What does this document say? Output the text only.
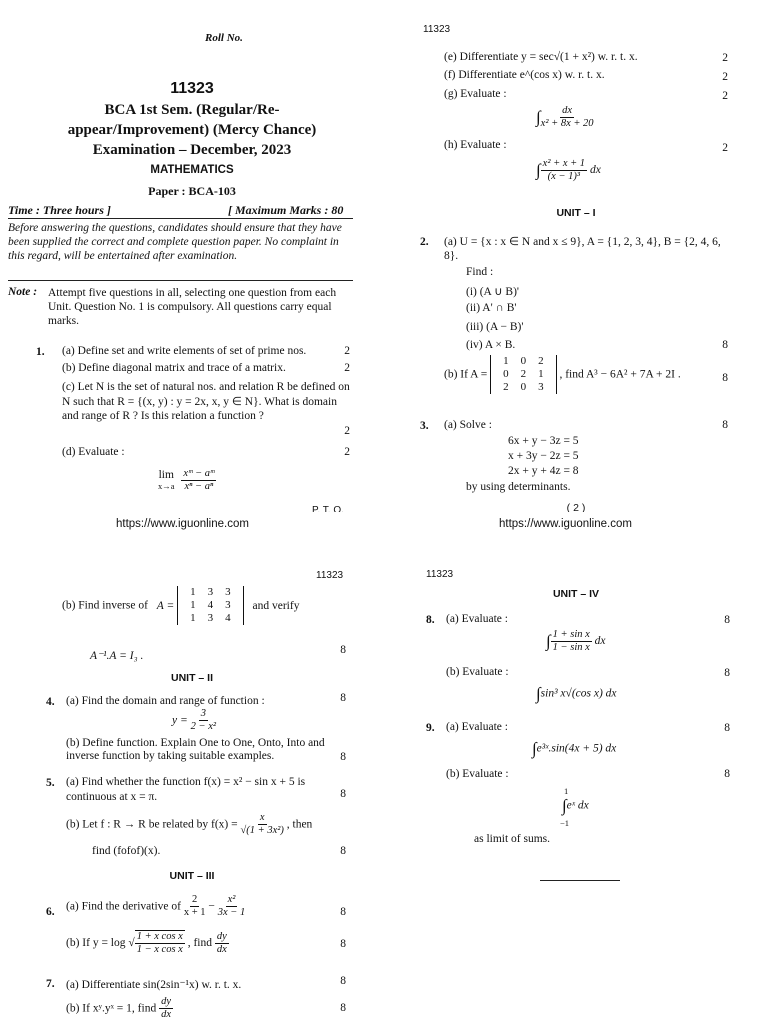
Roll No.
11323
BCA 1st Sem. (Regular/Re-
appear/Improvement) (Mercy Chance)
Examination – December, 2023
MATHEMATICS
Paper : BCA-103
Time : Three hours ]	[ Maximum Marks : 80
Before answering the questions, candidates should ensure that they have been supplied the correct and complete question paper. No complaint in this regard, will be entertained after examination.
Note : Attempt five questions in all, selecting one question from each Unit. Question No. 1 is compulsory. All questions carry equal marks.
1. (a) Define set and write elements of set of prime nos.	2
(b) Define diagonal matrix and trace of a matrix.	2
(c) Let N is the set of natural nos. and relation R be defined on N such that R = {(x, y) : y = 2x, x, y ∈ N}. What is domain and range of R ? Is this relation a function ?
2
(d) Evaluate :	2
lim
x→a
$\frac{\text{xᵐ − aᵐ}}{\text{xⁿ − aⁿ}}$
P. T. O.
https://www.iguonline.com
11323
(e) Differentiate y = sec√(1 + x²) w. r. t. x.	2
(f) Differentiate e^(cos x) w. r. t. x.	2
(g) Evaluate :	2
∫ $\frac{dx}{\text{x² + 8x + 20}}$
(h) Evaluate :	2
∫ $\frac{\text{x² + x + 1}}{\text{(x − 1)³}}$ dx
UNIT – I
2. (a) U = {x : x ∈ N and x ≤ 9}, A = {1, 2, 3, 4}, B = {2, 4, 6, 8}.
Find :
(i) (A ∪ B)'
(ii) A' ∩ B'
(iii) (A − B)'
(iv) A × B.	8
(b) If A =
1	0	2
0	2	1
2	0	3
, find A³ − 6A² + 7A + 2I .	8
3. (a) Solve :	8
6x + y − 3z = 5
x + 3y − 2z = 5
2x + y + 4z = 8
by using determinants.
( 2 )
https://www.iguonline.com
11323
(b) Find inverse of A =
1	3	3
1	4	3
1	3	4
and verify
A⁻¹.A = I₃ .	8
UNIT – II
4. (a) Find the domain and range of function :	8
$y = \frac{3}{\text{2 − x²}}$
(b) Define function. Explain One to One, Onto, Into and inverse function by taking suitable examples.	8
5. (a) Find whether the function f(x) = x² − sin x + 5 is continuous at x = π.	8
(b) Let f : R → R be related by $f(x) = \frac{x}{\text{√(1 + 3x²)}}$ , then
find (fofof)(x).	8
UNIT – III
6. (a) Find the derivative of $\frac{2}{x + 1} - \frac{\text{x²}}{3x - 1}$	8
(b) If y = log √ $\frac{\text{1 + x cos x}}{\text{1 − x cos x}}$ , find $\frac{dy}{dx}$	8
7. (a) Differentiate sin(2sin⁻¹x) w. r. t. x.	8
(b) If xʸ.yˣ = 1, find $\frac{dy}{dx}$	8
11323
UNIT – IV
8. (a) Evaluate :	8
∫ $\frac{\text{1 + sin x}}{\text{1 − sin x}}$ dx
(b) Evaluate :	8
∫sin³ x√(cos x) dx
9. (a) Evaluate :	8
∫e³ˣ.sin(4x + 5) dx
(b) Evaluate :	8
1
−1
∫eˣ dx
as limit of sums.
